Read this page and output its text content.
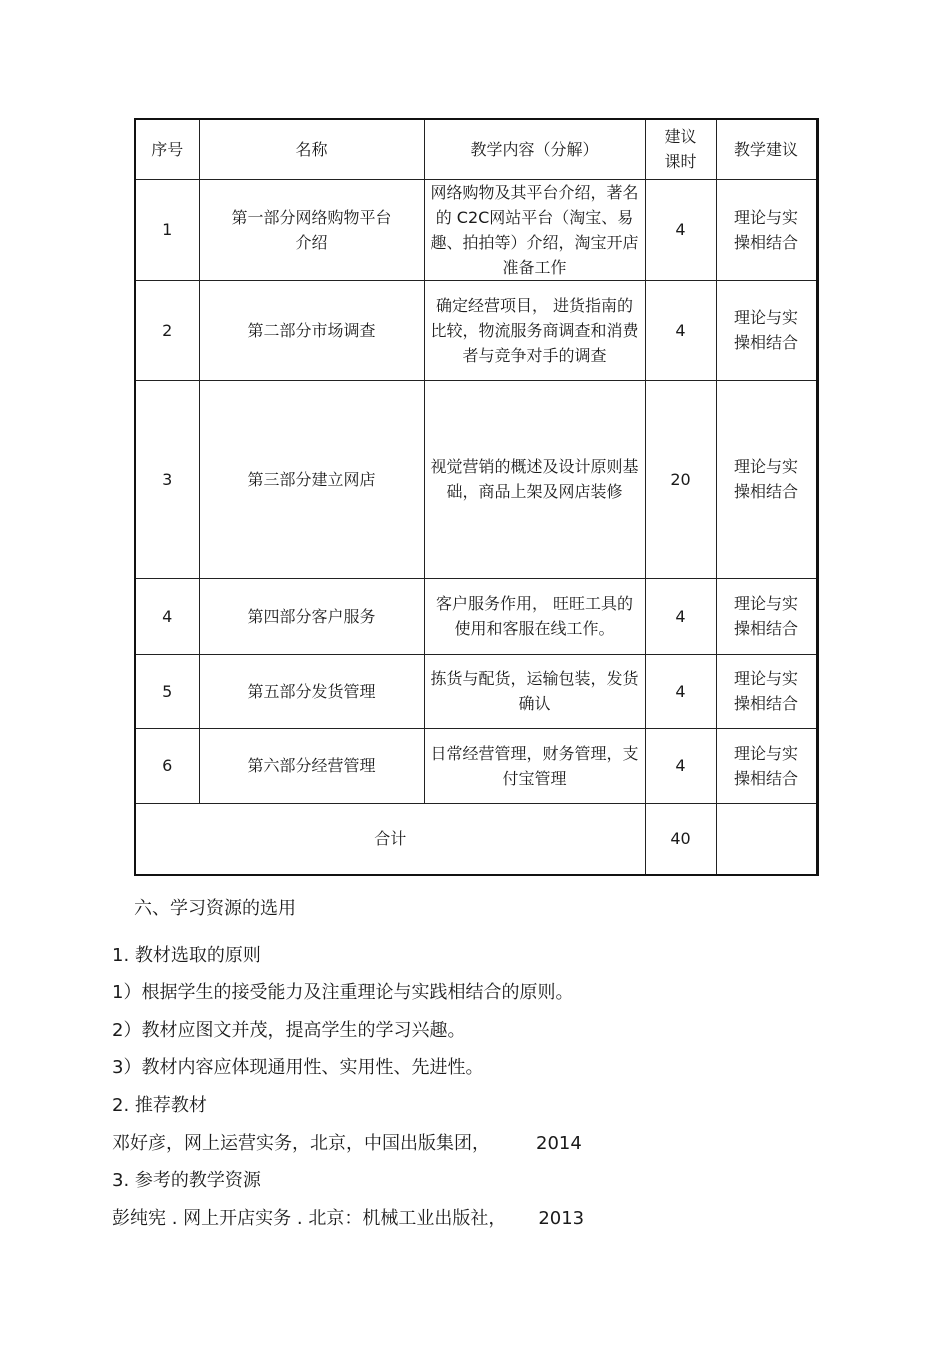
序号	名称	教学内容（分解）	建议课时	教学建议
1	第一部分网络购物平台介绍	网络购物及其平台介绍，著名的 C2C网站平台（淘宝、易趣、拍拍等）介绍，淘宝开店准备工作	4	理论与实操相结合
2	第二部分市场调查	确定经营项目， 进货指南的比较，物流服务商调查和消费者与竞争对手的调查	4	理论与实操相结合
3	第三部分建立网店	视觉营销的概述及设计原则基础，商品上架及网店装修	20	理论与实操相结合
4	第四部分客户服务	客户服务作用， 旺旺工具的使用和客服在线工作。	4	理论与实操相结合
5	第五部分发货管理	拣货与配货，运输包装，发货确认	4	理论与实操相结合
6	第六部分经营管理	日常经营管理，财务管理，支付宝管理	4	理论与实操相结合
合计			40	
六、学习资源的选用
1. 教材选取的原则
1）根据学生的接受能力及注重理论与实践相结合的原则。
2）教材应图文并茂，提高学生的学习兴趣。
3）教材内容应体现通用性、实用性、先进性。
2. 推荐教材
邓好彦，网上运营实务，北京，中国出版集团，	2014
3. 参考的教学资源
彭纯宪 . 网上开店实务 . 北京：机械工业出版社， 2013
